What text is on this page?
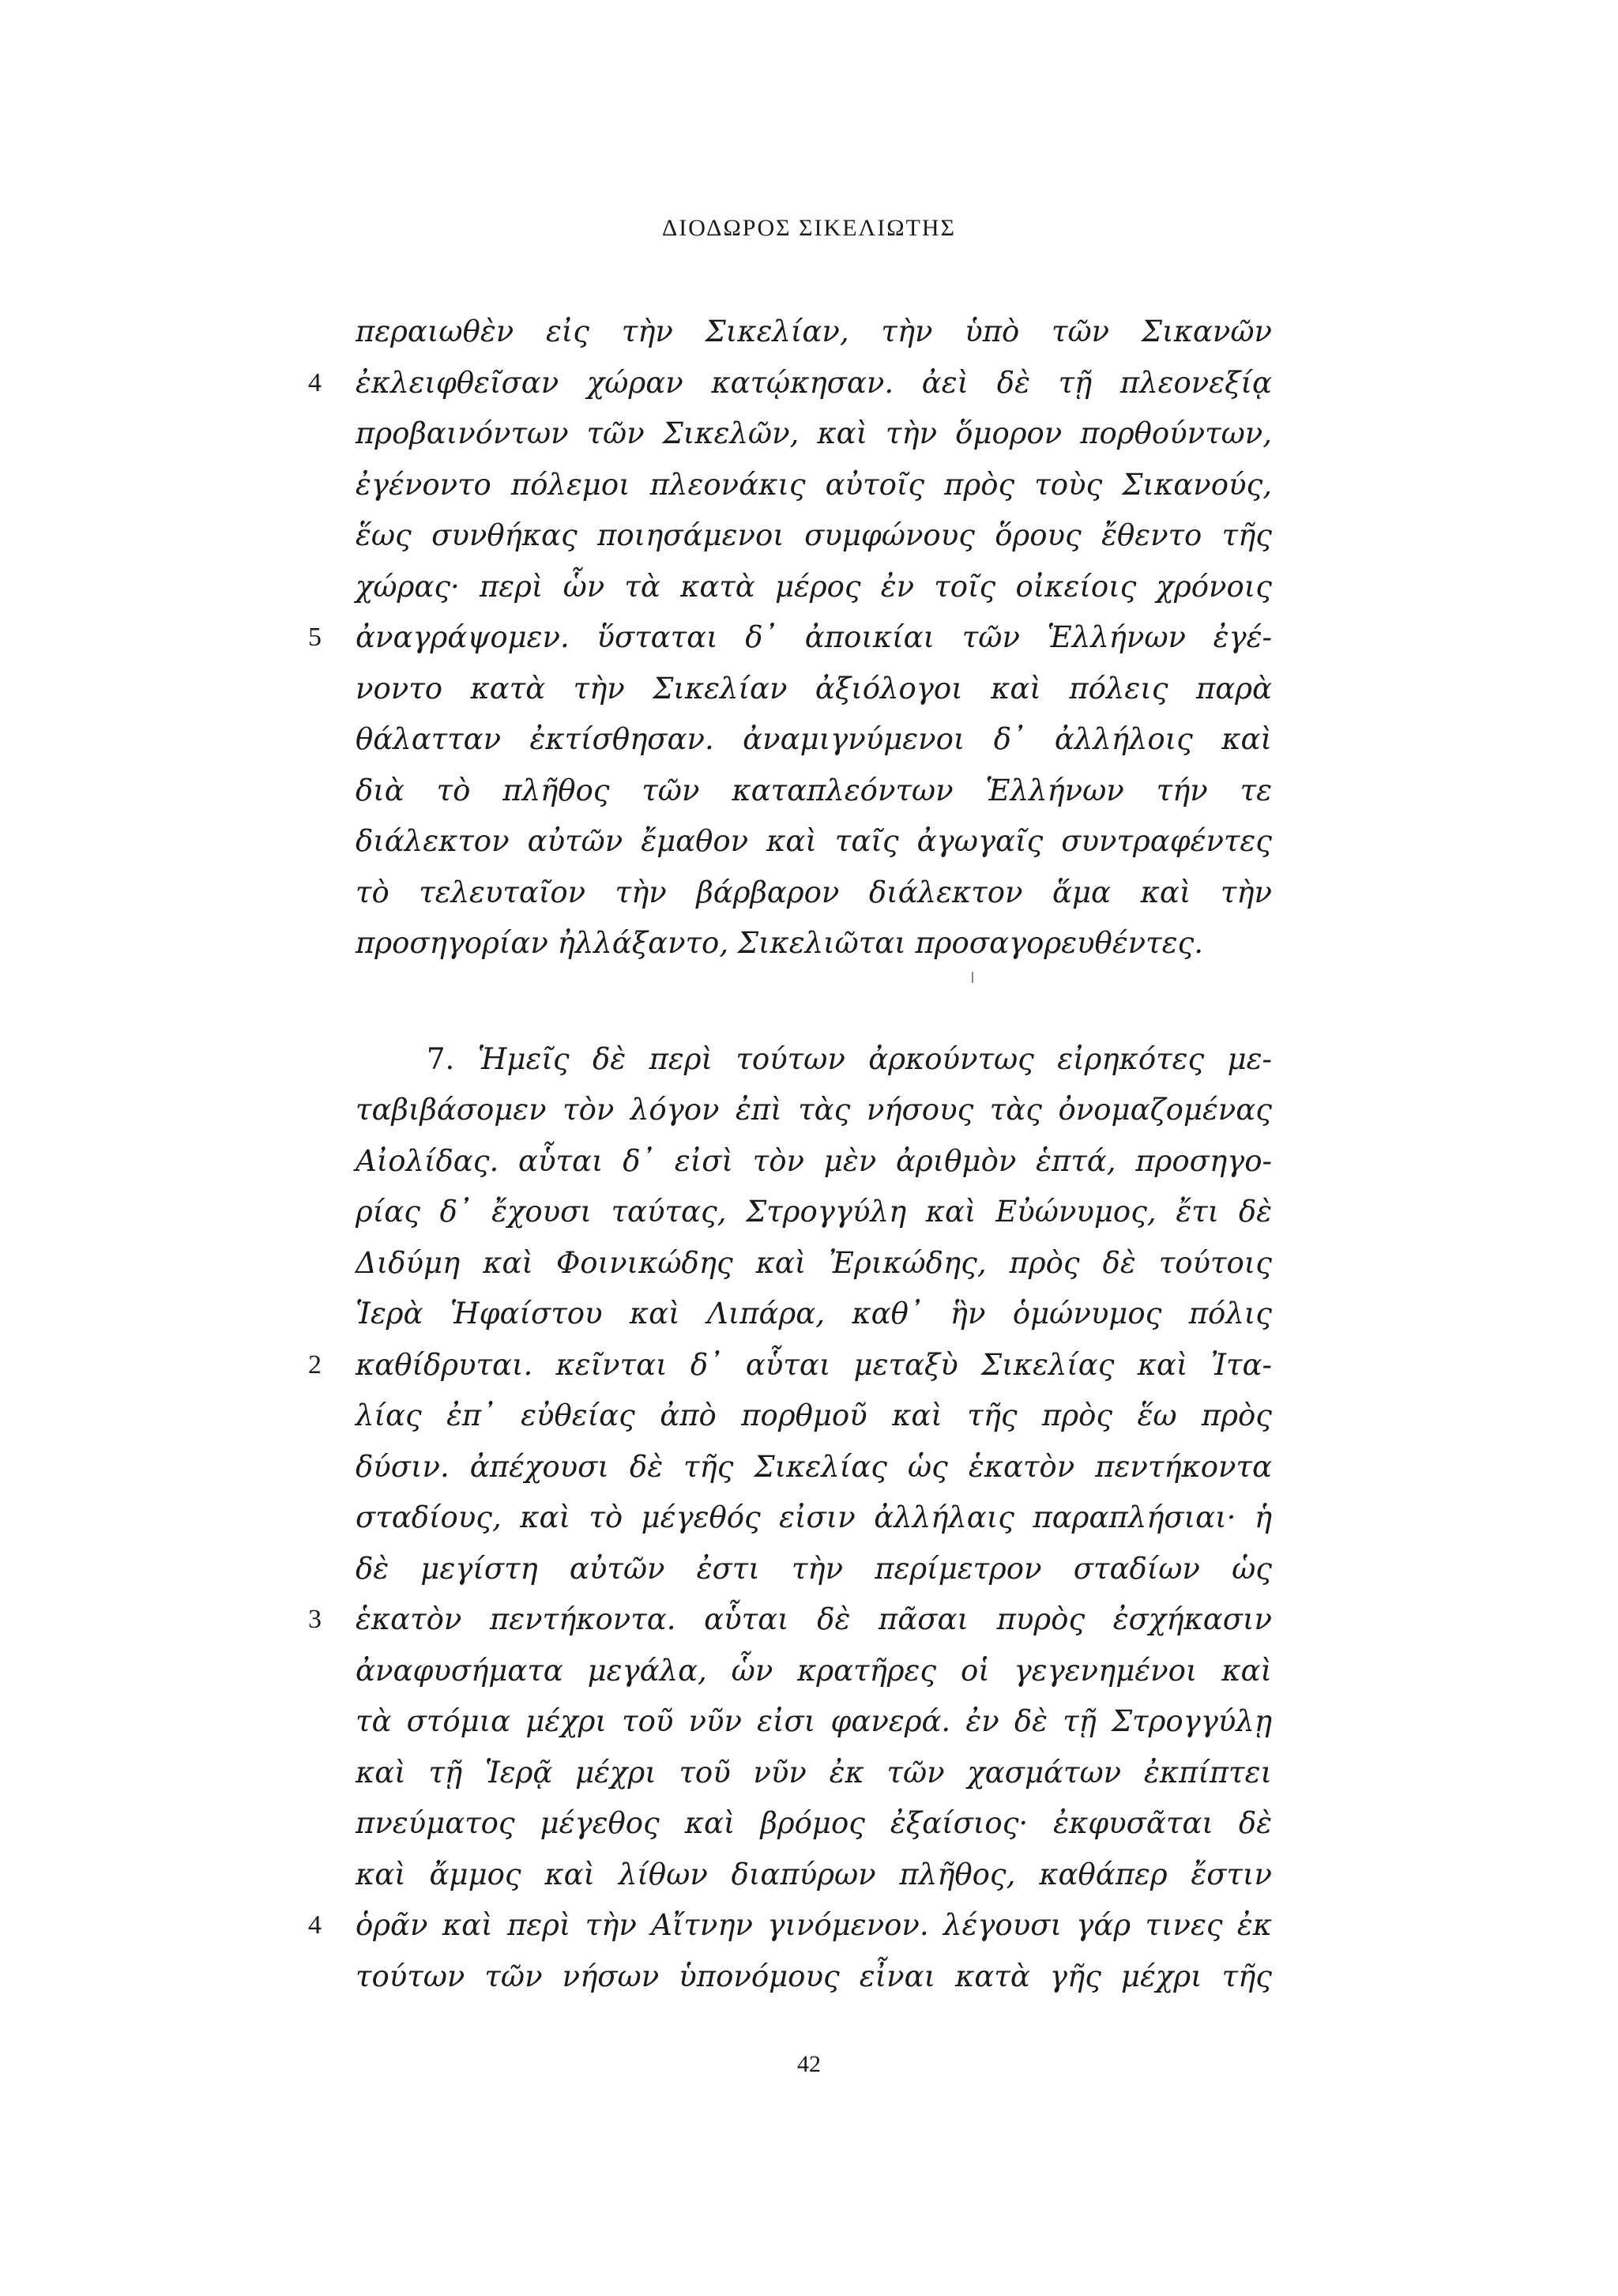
ΔΙΟΔΩΡΟΣ ΣΙΚΕΛΙΩΤΗΣ
περαιωθὲν εἰς τὴν Σικελίαν, τὴν ὑπὸ τῶν Σικανῶν
4 ἐκλειφθεῖσαν χώραν κατῴκησαν. ἀεὶ δὲ τῇ πλεονεξίᾳ
προβαινόντων τῶν Σικελῶν, καὶ τὴν ὅμορον πορθούντων,
ἐγένοντο πόλεμοι πλεονάκις αὐτοῖς πρὸς τοὺς Σικανούς,
ἕως συνθήκας ποιησάμενοι συμφώνους ὅρους ἔθεντο τῆς
χώρας· περὶ ὧν τὰ κατὰ μέρος ἐν τοῖς οἰκείοις χρόνοις
5 ἀναγράψομεν. ὕσταται δ᾽ ἀποικίαι τῶν Ἑλλήνων ἐγέ-
νοντο κατὰ τὴν Σικελίαν ἀξιόλογοι καὶ πόλεις παρὰ
θάλατταν ἐκτίσθησαν. ἀναμιγνύμενοι δ᾽ ἀλλήλοις καὶ
διὰ τὸ πλῆθος τῶν καταπλεόντων Ἑλλήνων τήν τε
διάλεκτον αὐτῶν ἔμαθον καὶ ταῖς ἀγωγαῖς συντραφέντες
τὸ τελευταῖον τὴν βάρβαρον διάλεκτον ἅμα καὶ τὴν
προσηγορίαν ἠλλάξαντο, Σικελιῶται προσαγορευθέντες.
7. Ἡμεῖς δὲ περὶ τούτων ἀρκούντως εἰρηκότες με-
ταβιβάσομεν τὸν λόγον ἐπὶ τὰς νήσους τὰς ὀνομαζομένας
Αἰολίδας. αὗται δ᾽ εἰσὶ τὸν μὲν ἀριθμὸν ἑπτά, προσηγο-
ρίας δ᾽ ἔχουσι ταύτας, Στρογγύλη καὶ Εὐώνυμος, ἔτι δὲ
Διδύμη καὶ Φοινικώδης καὶ Ἐρικώδης, πρὸς δὲ τούτοις
Ἱερὰ Ἡφαίστου καὶ Λιπάρα, καθ᾽ ἣν ὁμώνυμος πόλις
2 καθίδρυται. κεῖνται δ᾽ αὗται μεταξὺ Σικελίας καὶ Ἰτα-
λίας ἐπ᾽ εὐθείας ἀπὸ πορθμοῦ καὶ τῆς πρὸς ἕω πρὸς
δύσιν. ἀπέχουσι δὲ τῆς Σικελίας ὡς ἑκατὸν πεντήκοντα
σταδίους, καὶ τὸ μέγεθός εἰσιν ἀλλήλαις παραπλήσιαι· ἡ
δὲ μεγίστη αὐτῶν ἐστι τὴν περίμετρον σταδίων ὡς
3 ἑκατὸν πεντήκοντα. αὗται δὲ πᾶσαι πυρὸς ἐσχήκασιν
ἀναφυσήματα μεγάλα, ὧν κρατῆρες οἱ γεγενημένοι καὶ
τὰ στόμια μέχρι τοῦ νῦν εἰσι φανερά. ἐν δὲ τῇ Στρογγύλῃ
καὶ τῇ Ἱερᾷ μέχρι τοῦ νῦν ἐκ τῶν χασμάτων ἐκπίπτει
πνεύματος μέγεθος καὶ βρόμος ἐξαίσιος· ἐκφυσᾶται δὲ
καὶ ἄμμος καὶ λίθων διαπύρων πλῆθος, καθάπερ ἔστιν
4 ὁρᾶν καὶ περὶ τὴν Αἴτνην γινόμενον. λέγουσι γάρ τινες ἐκ
τούτων τῶν νήσων ὑπονόμους εἶναι κατὰ γῆς μέχρι τῆς
42
